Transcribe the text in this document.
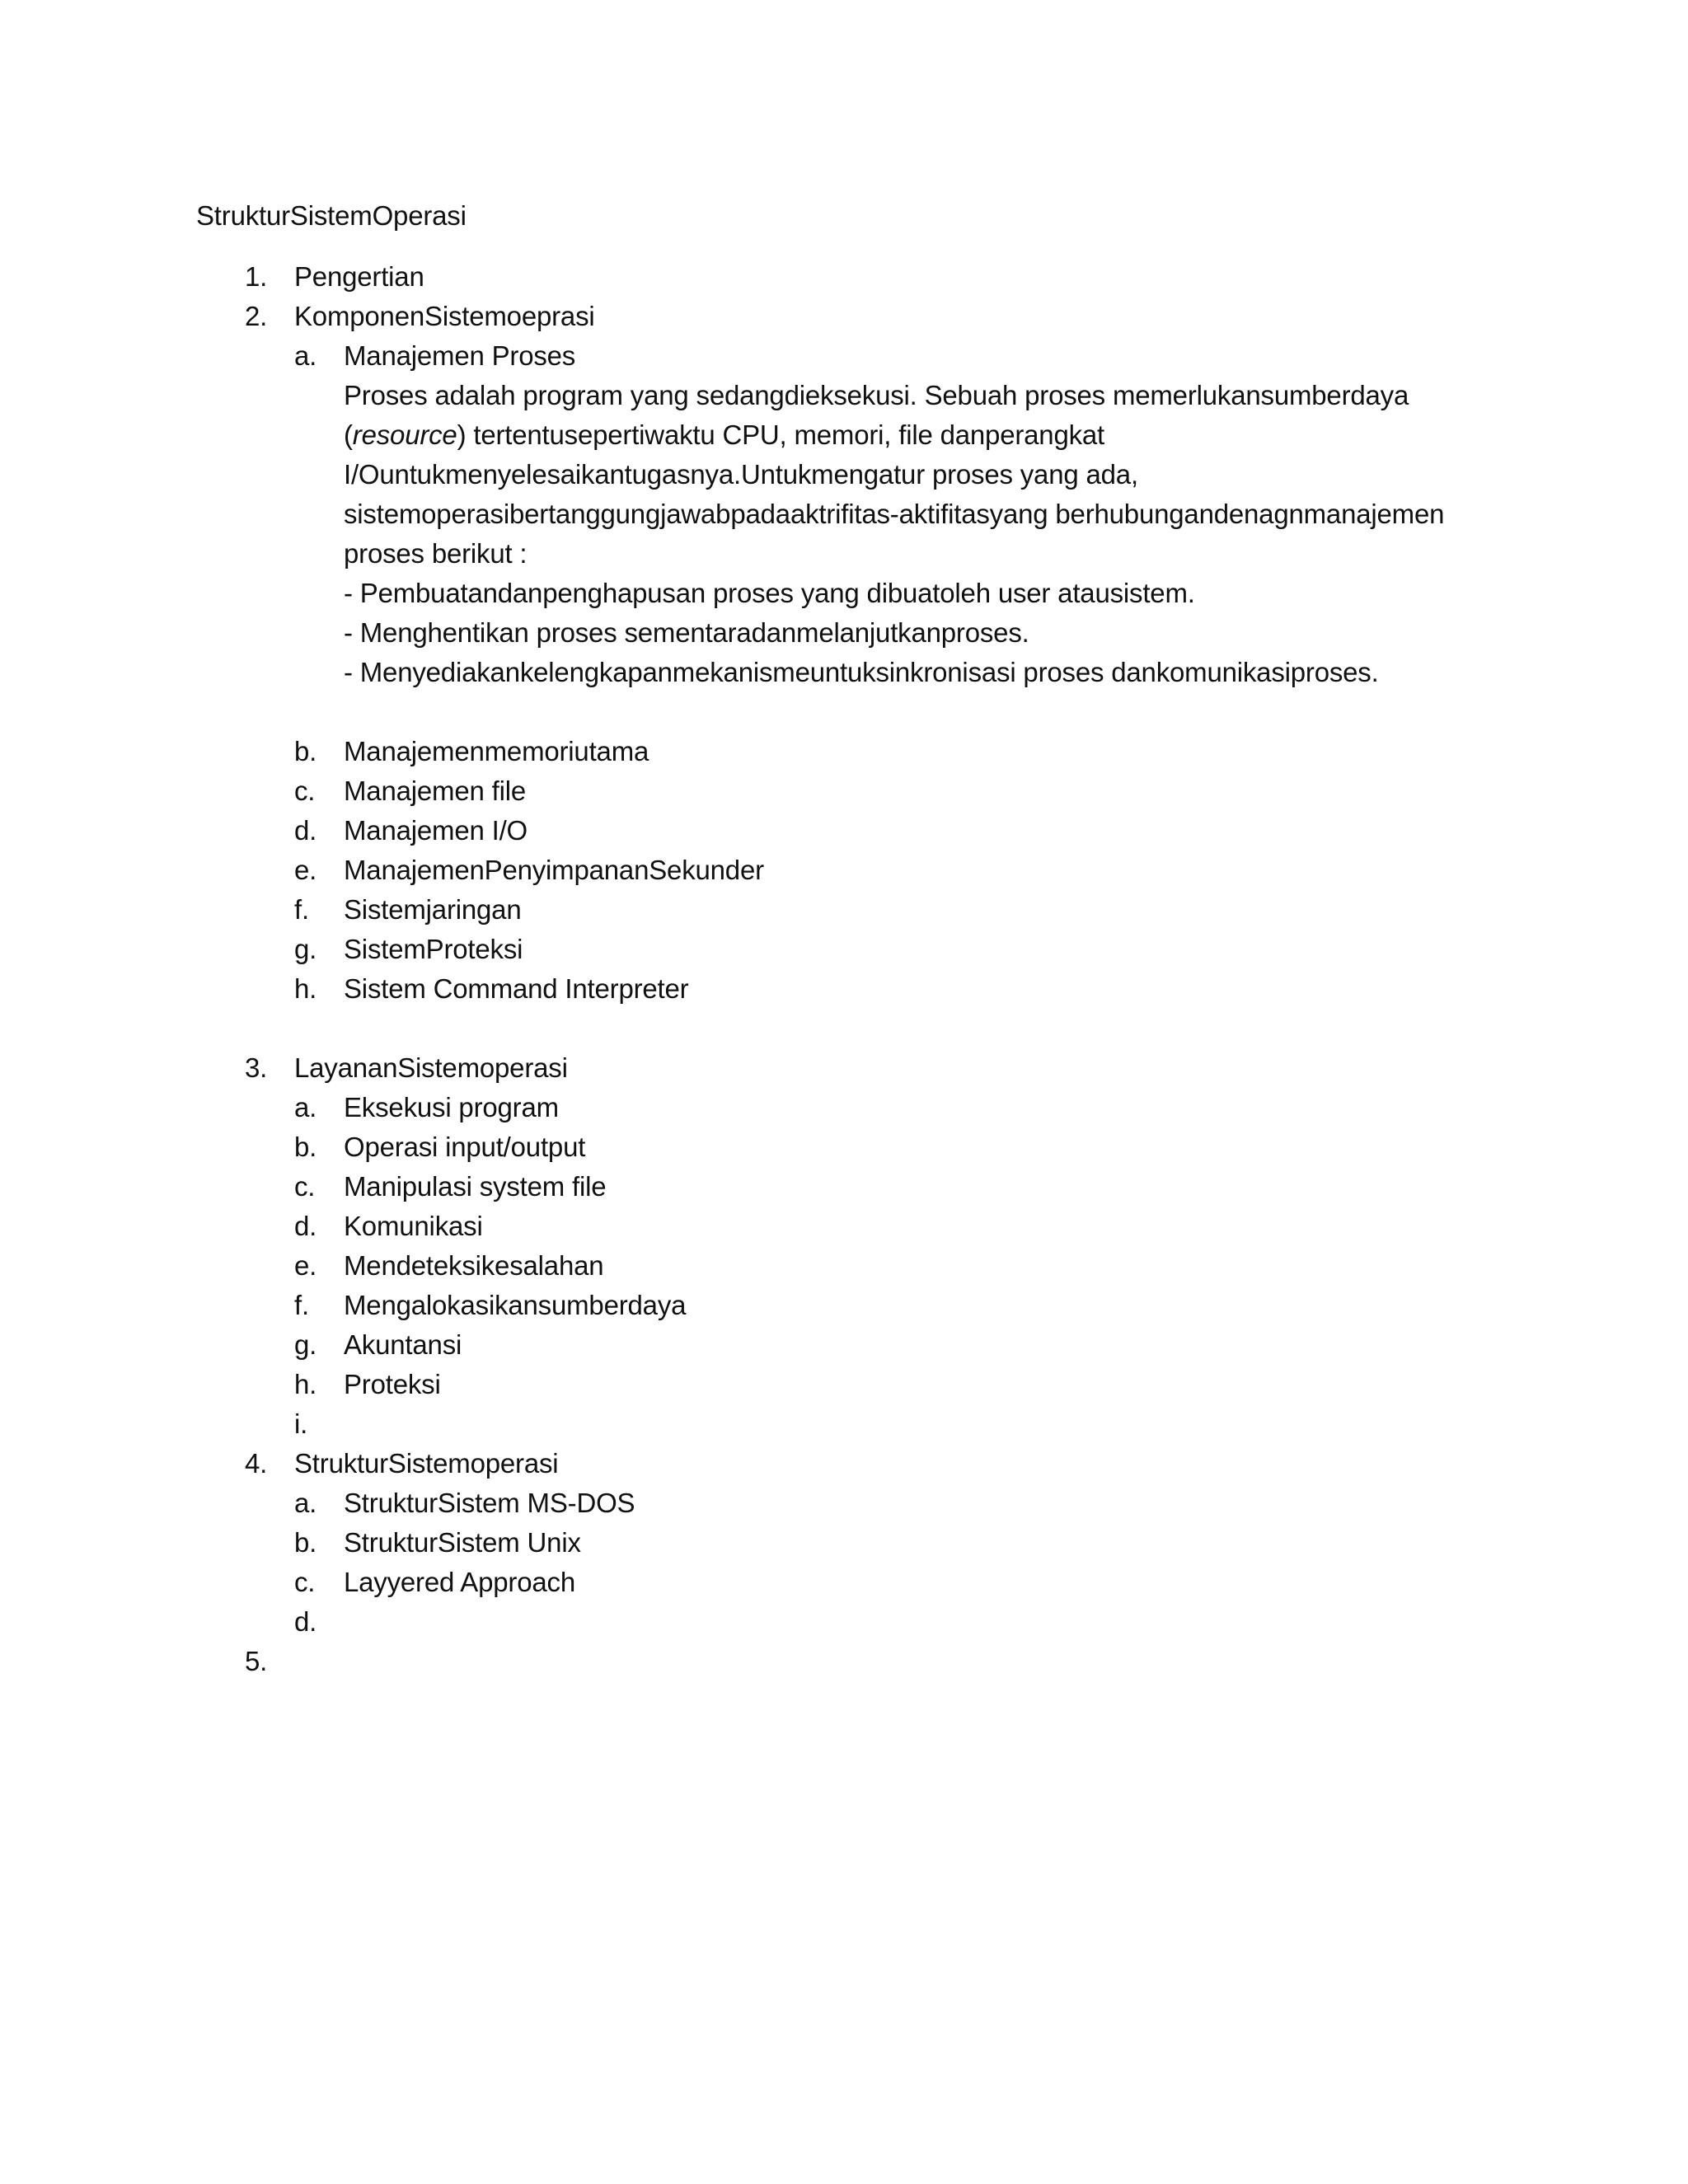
StrukturSistemOperasi
1. Pengertian
2. KomponenSistemoeprasi
a. Manajemen Proses
Proses adalah program yang sedangdieksekusi. Sebuah proses memerlukansumberdaya
(resource) tertentusepertiwaktu CPU, memori, file danperangkat
I/Ountukmenyelesaikantugasnya.Untukmengatur proses yang ada,
sistemoperasibertanggungjawabpadaaktrifitas-aktifitasyang berhubungandenagnmanajemen
proses berikut :
- Pembuatandanpenghapusan proses yang dibuatoleh user atausistem.
- Menghentikan proses sementaradanmelanjutkanproses.
- Menyediakankelengkapanmekanismeuntuksinkronisasi proses dankomunikasiproses.
b. Manajemenmemoriutama
c.	Manajemen file
d. Manajemen I/O
e. ManajemenPenyimpananSekunder
f.	Sistemjaringan
g. SistemProteksi
h. Sistem Command Interpreter
3. LayananSistemoperasi
a. Eksekusi program
b. Operasi input/output
c.	Manipulasi system file
d. Komunikasi
e. Mendeteksikesalahan
f.	Mengalokasikansumberdaya
g. Akuntansi
h. Proteksi
i.
4. StrukturSistemoperasi
a. StrukturSistem MS-DOS
b. StrukturSistem Unix
c.	Layyered Approach
d.
5.
